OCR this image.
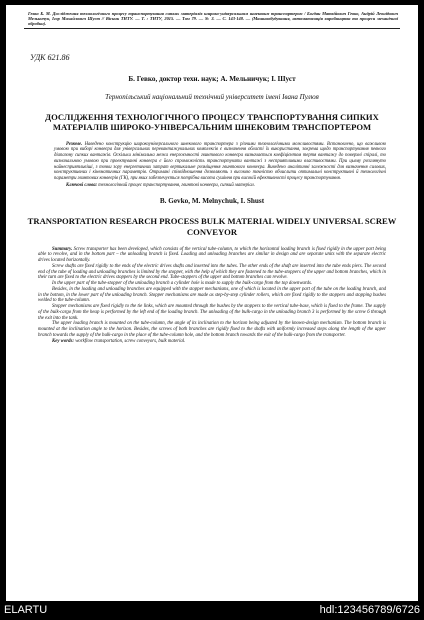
Гевко Б. М. Дослідження технологічного процесу транспортування сипких матеріалів широко-універсальним шнековим транспортером / Богдан Матвійович Гевко, Андрій Леонідович Мельничук, Ігор Михайлович Шуст // Вісник ТНТУ. — Т. : ТНТУ, 2015. — Том 79. — № 3. — С. 143-148. — (Машинобудування, автоматизація виробництва та процеси механічної обробки).
УДК 621.86
Б. Гевко, доктор техн. наук; А. Мельничук; І. Шуст
Тернопільський національний технічний університет імені Івана Пулюя
ДОСЛІДЖЕННЯ ТЕХНОЛОГІЧНОГО ПРОЦЕСУ ТРАНСПОРТУВАННЯ СИПКИХ МАТЕРІАЛІВ ШИРОКО-УНІВЕРСАЛЬНИМ ШНЕКОВИМ ТРАНСПОРТЕРОМ

Резюме. Наведено конструкцію широкоуніверсального шнекового транспортера з різними технологічними можливостями. Встановлено, що важливою умовою при виборі конвеєра для універсальних перевантажувальних комплексів є визначення області їх використання, зокрема щодо транспортування певного діапазону сипких вантажів. Оскільки мінімальна межа енергоємності гвинтового конвеєра визначається коефіцієнтом тертя вантажу до поверхні спіралі, то визначальною умовою при проектуванні конвеєра є його спроможність транспортувати вантажі з несприятливими властивостями. При цьому розглянуто найнесприятливіші, з точки зору енергетичних затрат вертикальне розміщення гвинтового конвеєра. Виведено аналітичні залежності для визначення силових, конструктивних і кінематичних параметрів. Отримані співвідношення дозволяють з високою точністю обчислити оптимальні конструктивні й технологічні параметри гвинтових конвеєрів (ГК), при яких забезпечується потрібна висота сушіння при високій ефективності процесу транспортування.

Ключові слова: технологічний процес транспортування, гвинтові конвеєри, сипкий матеріал.
B. Gevko, M. Melnychuk, I. Shust
TRANSPORTATION RESEARCH PROCESS BULK MATERIAL WIDELY UNIVERSAL SCREW CONVEYOR

Summary. Screw transporter has been developed, which consists of the vertical tube-column, to which the horizontal loading branch is fixed rigidly in the upper part being able to revolve, and in the bottom part – the unloading branch is fixed. Loading and unloading branches are similar in design and are separate units with the separate electric drives located horizontally.

Screw shafts are fixed rigidly to the ends of the electric drives shafts and inserted into the tubes. The other ends of the shaft are inserted into the tube ends piers. The second end of the tube of loading and unloading branches is limited by the stopper, with the help of which they are fastened to the tube-stoppers of the upper and bottom branches, which in their turn are fixed to the electric drives stoppers by the second end. Tube-stoppers of the upper and bottom branches can revolve.

In the upper part of the tube-stopper of the unloading branch a cylinder hole is made to supply the bulk-cargo from the top downwards.

Besides, in the loading and unloading branches are equipped with the stopper mechanisms, one of which is located in the upper part of the tube on the loading branch, and in the bottom, in the lower part of the unloading branch. Stopper mechanisms are made as step-by-step cylinder rollers, which are fixed rigidly to the stoppers and stopping bushes welded to the tube-column.

Stopper mechanisms are fixed rigidly to the tie links, which are mounted through the bushes by the stoppers to the vertical tube-base, which is fixed to the frame. The supply of the bulk-cargo from the heap is performed by the left end of the loading branch. The unloading of the bulk-cargo in the unloading branch 3 is performed by the screw 6 through the exit into the tank.

The upper loading branch is mounted on the tube-column, the angle of its inclination to the horizon being adjusted by the known-design mechanism. The bottom branch is mounted at the inclination angle to the horizon. Besides, the screws of both branches are rigidly fixed to the shafts with uniformly increased steps along the length of the upper branch towards the supply of the bulk-cargo in the place of the tube-column hole, and the bottom branch towards the exit of the bulk-cargo from the transporter.

Key words: workflow transportation, screw conveyors, bulk material.

ELARTU	hdl:123456789/6726
